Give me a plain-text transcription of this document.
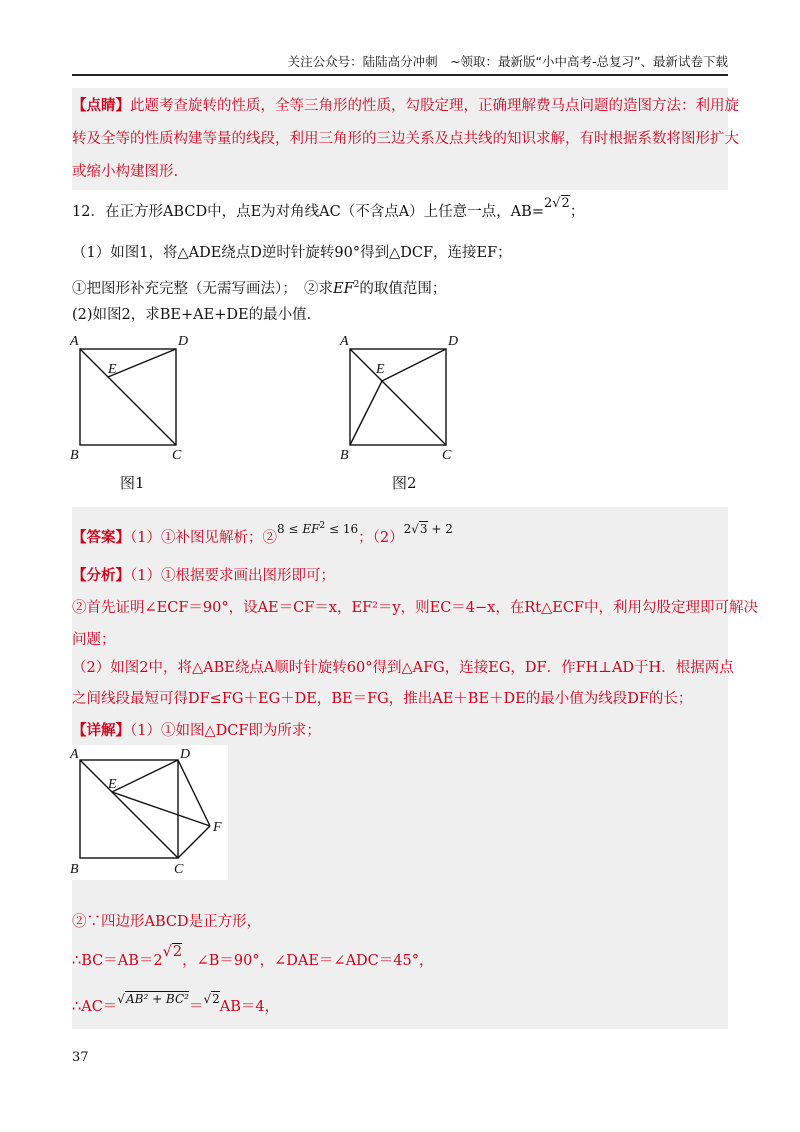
关注公众号：陆陆高分冲刺　~领取：最新版“小中高考-总复习”、最新试卷下载
【点睛】此题考查旋转的性质，全等三角形的性质，勾股定理，正确理解费马点问题的造图方法：利用旋
转及全等的性质构建等量的线段，利用三角形的三边关系及点共线的知识求解，有时根据系数将图形扩大
或缩小构建图形.
12．在正方形ABCD中，点E为对角线AC（不含点A）上任意一点，AB=2√2；
（1）如图1，将△ADE绕点D逆时针旋转90°得到△DCF，连接EF；
①把图形补充完整（无需写画法）；　②求$EF^2$的取值范围；
(2)如图2，求BE+AE+DE的最小值.
A	D
B	C
E
图1
A	D
B	C
E
图2
【答案】（1）①补图见解析；②$^{8 \le EF^2 \le 16}$；$(2)^{2√3 + 2}$
【分析】（1）①根据要求画出图形即可；
②首先证明∠ECF＝90°，设AE＝CF＝x，EF²＝y，则EC＝4−x，在Rt△ECF中，利用勾股定理即可解决
问题；
（2）如图2中，将△ABE绕点A顺时针旋转60°得到△AFG，连接EG，DF．作FH⊥AD于H．根据两点
之间线段最短可得DF≤FG＋EG＋DE，BE＝FG，推出AE＋BE＋DE的最小值为线段DF的长；
【详解】（1）①如图△DCF即为所求；
A	D
B	C
E
F
②∵四边形ABCD是正方形，
∴BC＝AB＝2√2，∠B＝90°，∠DAE＝∠ADC＝45°，
∴AC＝$^{√AB^2 + BC^2}$＝$^{√2}$AB＝4，
37
